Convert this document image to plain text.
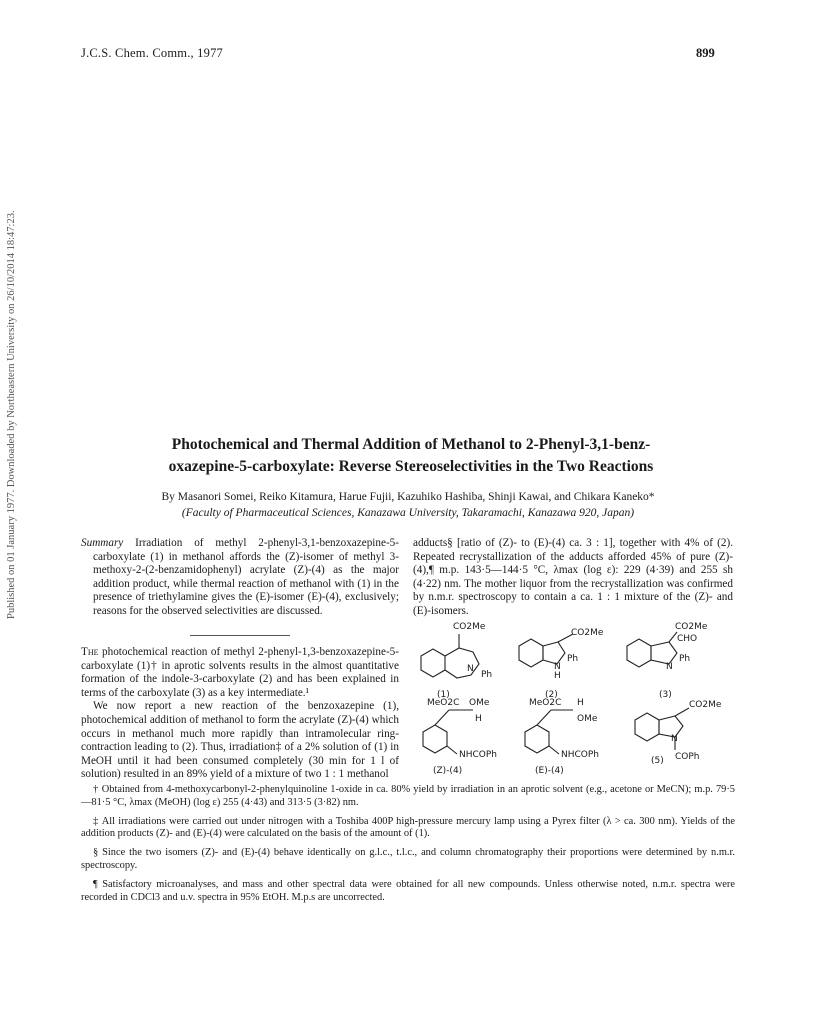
J.C.S. Chem. Comm., 1977	899
Published on 01 January 1977. Downloaded by Northeastern University on 26/10/2014 18:47:23.	Photochemical and Thermal Addition of Methanol to 2-Phenyl-3,1-benz-
oxazepine-5-carboxylate: Reverse Stereoselectivities in the Two Reactions
By Masanori Somei, Reiko Kitamura, Harue Fujii, Kazuhiko Hashiba, Shinji Kawai, and Chikara Kaneko*
(Faculty of Pharmaceutical Sciences, Kanazawa University, Takaramachi, Kanazawa 920, Japan)

Summary Irradiation of methyl 2-phenyl-3,1-benzoxazepine-5-carboxylate (1) in methanol affords the (Z)-isomer of methyl 3-methoxy-2-(2-benzamidophenyl) acrylate (Z)-(4) as the major addition product, while thermal reaction of methanol with (1) in the presence of triethylamine gives the (E)-isomer (E)-(4), exclusively; reasons for the observed selectivities are discussed.

The photochemical reaction of methyl 2-phenyl-1,3-benzoxazepine-5-carboxylate (1)† in aprotic solvents results in the almost quantitative formation of the indole-3-carboxylate (2) and has been explained in terms of the carboxylate (3) as a key intermediate.¹

We now report a new reaction of the benzoxazepine (1), photochemical addition of methanol to form the acrylate (Z)-(4) which occurs in methanol much more rapidly than intramolecular ring-contraction leading to (2). Thus, irradiation‡ of a 2% solution of (1) in MeOH until it had been consumed completely (30 min for 1 l of solution) resulted in an 89% yield of a mixture of two 1 : 1 methanol

adducts§ [ratio of (Z)- to (E)-(4) ca. 3 : 1], together with 4% of (2). Repeated recrystallization of the adducts afforded 45% of pure (Z)-(4),¶ m.p. 143·5—144·5 °C, λmax (log ε): 229 (4·39) and 255 sh (4·22) nm. The mother liquor from the recrystallization was confirmed by n.m.r. spectroscopy to contain a ca. 1 : 1 mixture of the (Z)- and (E)-isomers.

CO2Me
N
Ph
(1)
CO2Me
N
H
Ph
(2)
CO2Me
CHO
N
Ph
(3)
MeO2C OMe
H
NHCOPh
(Z)-(4)
MeO2C H
OMe
NHCOPh
(E)-(4)
CO2Me
N
COPh
(5)

† Obtained from 4-methoxycarbonyl-2-phenylquinoline 1-oxide in ca. 80% yield by irradiation in an aprotic solvent (e.g., acetone or MeCN); m.p. 79·5—81·5 °C, λmax (MeOH) (log ε) 255 (4·43) and 313·5 (3·82) nm.

‡ All irradiations were carried out under nitrogen with a Toshiba 400P high-pressure mercury lamp using a Pyrex filter (λ > ca. 300 nm). Yields of the addition products (Z)- and (E)-(4) were calculated on the basis of the amount of (1).

§ Since the two isomers (Z)- and (E)-(4) behave identically on g.l.c., t.l.c., and column chromatography their proportions were determined by n.m.r. spectroscopy.

¶ Satisfactory microanalyses, and mass and other spectral data were obtained for all new compounds. Unless otherwise noted, n.m.r. spectra were recorded in CDCl3 and u.v. spectra in 95% EtOH. M.p.s are uncorrected.
